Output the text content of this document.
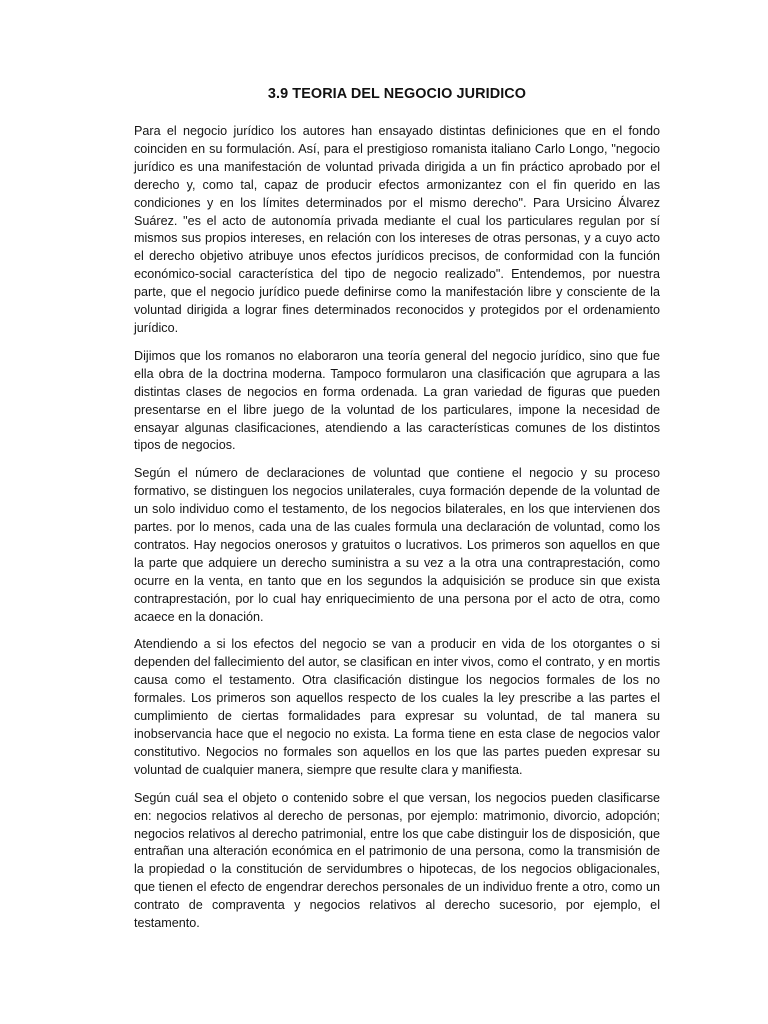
3.9 TEORIA DEL NEGOCIO JURIDICO

Para el negocio jurídico los autores han ensayado distintas definiciones que en el fondo coinciden en su formulación. Así, para el prestigioso romanista italiano Carlo Longo, "negocio jurídico es una manifestación de voluntad privada dirigida a un fin práctico aprobado por el derecho y, como tal, capaz de producir efectos armonizantez con el fin querido en las condiciones y en los límites determinados por el mismo derecho". Para Ursicino Álvarez Suárez. "es el acto de autonomía privada mediante el cual los particulares regulan por sí mismos sus propios intereses, en relación con los intereses de otras personas, y a cuyo acto el derecho objetivo atribuye unos efectos jurídicos precisos, de conformidad con la función económico-social característica del tipo de negocio realizado". Entendemos, por nuestra parte, que el negocio jurídico puede definirse como la manifestación libre y consciente de la voluntad dirigida a lograr fines determinados reconocidos y protegidos por el ordenamiento jurídico.

Dijimos que los romanos no elaboraron una teoría general del negocio jurídico, sino que fue ella obra de la doctrina moderna. Tampoco formularon una clasificación que agrupara a las distintas clases de negocios en forma ordenada. La gran variedad de figuras que pueden presentarse en el libre juego de la voluntad de los particulares, impone la necesidad de ensayar algunas clasificaciones, atendiendo a las características comunes de los distintos tipos de negocios.

Según el número de declaraciones de voluntad que contiene el negocio y su proceso formativo, se distinguen los negocios unilaterales, cuya formación depende de la voluntad de un solo individuo como el testamento, de los negocios bilaterales, en los que intervienen dos partes. por lo menos, cada una de las cuales formula una declaración de voluntad, como los contratos. Hay negocios onerosos y gratuitos o lucrativos. Los primeros son aquellos en que la parte que adquiere un derecho suministra a su vez a la otra una contraprestación, como ocurre en la venta, en tanto que en los segundos la adquisición se produce sin que exista contraprestación, por lo cual hay enriquecimiento de una persona por el acto de otra, como acaece en la donación.

Atendiendo a si los efectos del negocio se van a producir en vida de los otorgantes o si dependen del fallecimiento del autor, se clasifican en inter vivos, como el contrato, y en mortis causa como el testamento. Otra clasificación distingue los negocios formales de los no formales. Los primeros son aquellos respecto de los cuales la ley prescribe a las partes el cumplimiento de ciertas formalidades para expresar su voluntad, de tal manera su inobservancia hace que el negocio no exista. La forma tiene en esta clase de negocios valor constitutivo. Negocios no formales son aquellos en los que las partes pueden expresar su voluntad de cualquier manera, siempre que resulte clara y manifiesta.

Según cuál sea el objeto o contenido sobre el que versan, los negocios pueden clasificarse en: negocios relativos al derecho de personas, por ejemplo: matrimonio, divorcio, adopción; negocios relativos al derecho patrimonial, entre los que cabe distinguir los de disposición, que entrañan una alteración económica en el patrimonio de una persona, como la transmisión de la propiedad o la constitución de servidumbres o hipotecas, de los negocios obligacionales, que tienen el efecto de engendrar derechos personales de un individuo frente a otro, como un contrato de compraventa y negocios relativos al derecho sucesorio, por ejemplo, el testamento.
